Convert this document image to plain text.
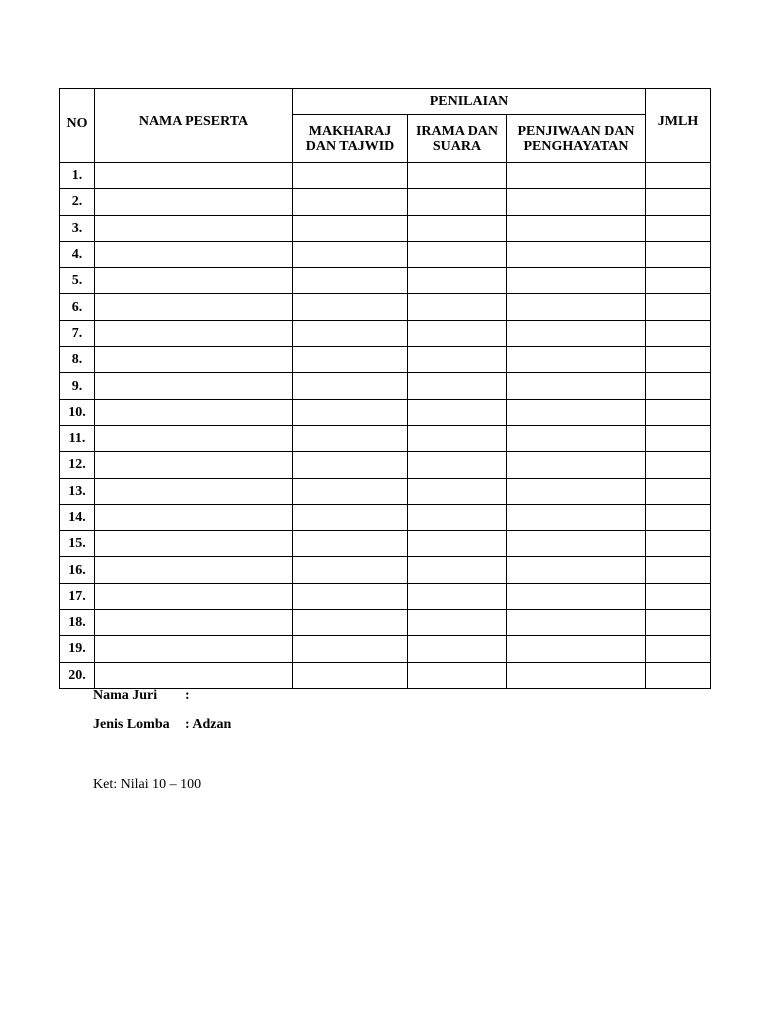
NO	NAMA PESERTA	PENILAIAN			JMLH
		MAKHARAJ DAN TAJWID	IRAMA DAN SUARA	PENJIWAAN DAN PENGHAYATAN	
1.					
2.					
3.					
4.					
5.					
6.					
7.					
8.					
9.					
10.					
11.					
12.					
13.					
14.					
15.					
16.					
17.					
18.					
19.					
20.					
Nama Juri :
Jenis Lomba : Adzan
Ket: Nilai 10 – 100
